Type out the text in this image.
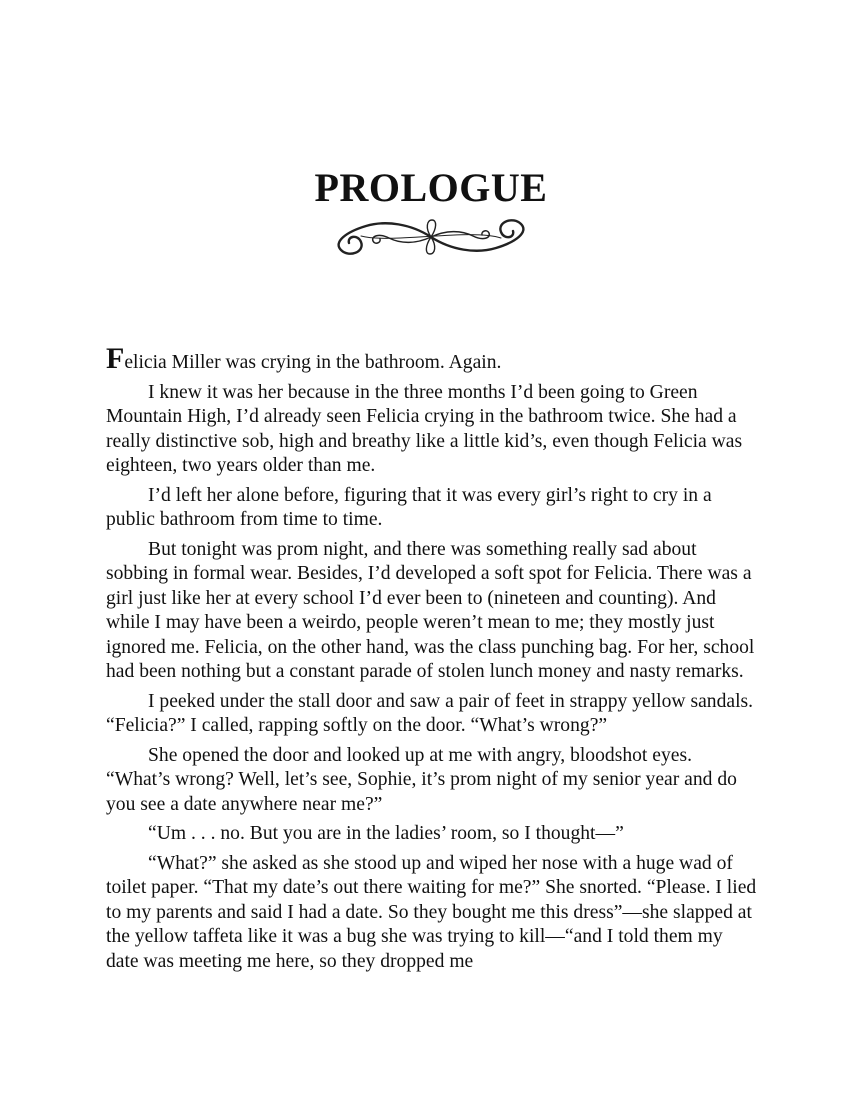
PROLOGUE

Felicia Miller was crying in the bathroom. Again.

I knew it was her because in the three months I’d been going to Green Mountain High, I’d already seen Felicia crying in the bathroom twice. She had a really distinctive sob, high and breathy like a little kid’s, even though Felicia was eighteen, two years older than me.

I’d left her alone before, figuring that it was every girl’s right to cry in a public bathroom from time to time.

But tonight was prom night, and there was something really sad about sobbing in formal wear. Besides, I’d developed a soft spot for Felicia. There was a girl just like her at every school I’d ever been to (nineteen and counting). And while I may have been a weirdo, people weren’t mean to me; they mostly just ignored me. Felicia, on the other hand, was the class punching bag. For her, school had been nothing but a constant parade of stolen lunch money and nasty remarks.

I peeked under the stall door and saw a pair of feet in strappy yellow sandals. “Felicia?” I called, rapping softly on the door. “What’s wrong?”

She opened the door and looked up at me with angry, bloodshot eyes. “What’s wrong? Well, let’s see, Sophie, it’s prom night of my senior year and do you see a date anywhere near me?”

“Um . . . no. But you are in the ladies’ room, so I thought—”

“What?” she asked as she stood up and wiped her nose with a huge wad of toilet paper. “That my date’s out there waiting for me?” She snorted. “Please. I lied to my parents and said I had a date. So they bought me this dress”—she slapped at the yellow taffeta like it was a bug she was trying to kill—“and I told them my date was meeting me here, so they dropped me
